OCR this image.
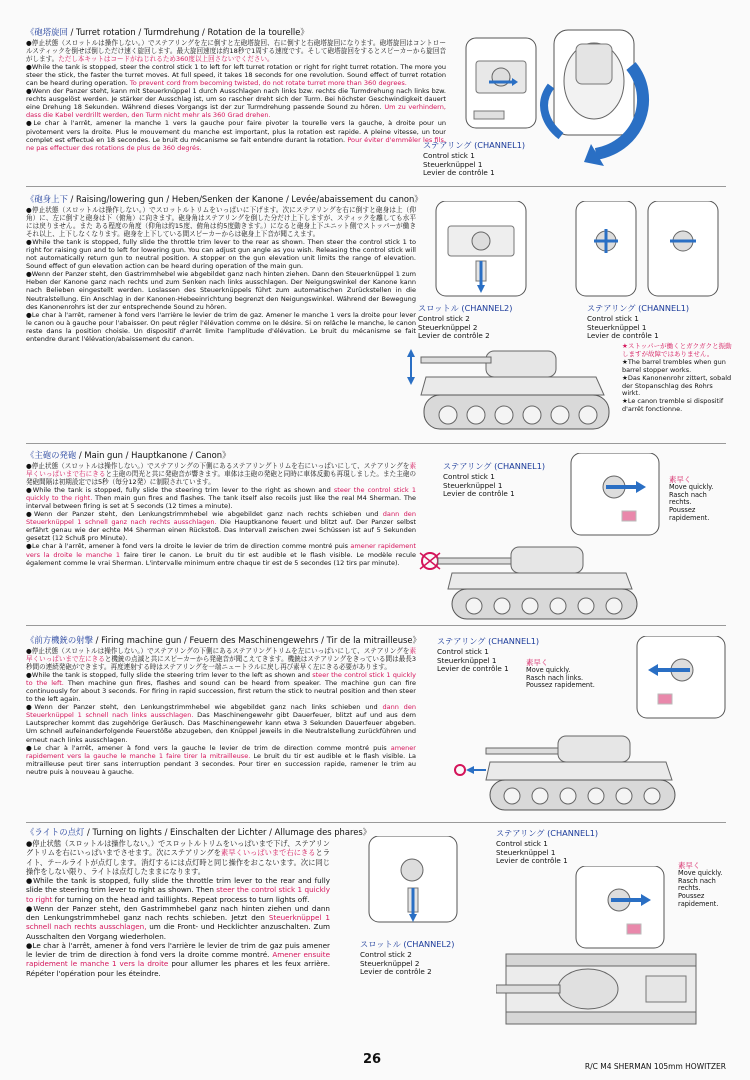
《砲塔旋回 / Turret rotation / Turmdrehung / Rotation de la tourelle》

●停止状態（スロットルは操作しない。）でステアリングを左に倒すと左砲塔旋回、右に倒すと右砲塔旋回になります。砲塔旋回はコントロールスティックを倒せば倒しただけ速く旋回します。最大旋回速度は約18秒で1周する速度です。そして砲塔旋回をするとスピーカーから旋回音がします。ただし本キットはコードがねじれるため360度以上回さないでください。

●While the tank is stopped, steer the control stick 1 to left for left turret rotation or right for right turret rotation. The more you steer the stick, the faster the turret moves. At full speed, it takes 18 seconds for one revolution. Sound effect of turret rotation can be heard during operation. To prevent cord from becoming twisted, do not rotate turret more than 360 degrees.

●Wenn der Panzer steht, kann mit Steuerknüppel 1 durch Ausschlagen nach links bzw. rechts die Turmdrehung nach links bzw. rechts ausgelöst werden. Je stärker der Ausschlag ist, um so rascher dreht sich der Turm. Bei höchster Geschwindigkeit dauert eine Drehung 18 Sekunden. Während dieses Vorgangs ist der zur Turmdrehung passende Sound zu hören. Um zu verhindern, dass die Kabel verdrillt werden, den Turm nicht mehr als 360 Grad drehen.

●Le char à l'arrêt, amener la manche 1 vers la gauche pour faire pivoter la tourelle vers la gauche, à droite pour un pivotement vers la droite. Plus le mouvement du manche est important, plus la rotation est rapide. A pleine vitesse, un tour complet est effectué en 18 secondes. Le bruit du mécanisme se fait entendre durant la rotation. Pour éviter d'emmêler les fils, ne pas effectuer des rotations de plus de 360 degrés.	ステアリング (CHANNEL1)
Control stick 1
Steuerknüppel 1
Levier de contrôle 1
《砲身上下 / Raising/lowering gun / Heben/Senken der Kanone / Levée/abaissement du canon》

●停止状態（スロットルは操作しない。）でスロットルトリムをいっぱいに下げます。次にステアリングを右に倒すと砲身は上（仰角）に、左に倒すと砲身は下（俯角）に向きます。砲身角はステアリングを倒した分だけ上下しますが、スティックを離しても水平には戻りません。また ある程度の角度（仰角は約15度、俯角は約5度動きます。）になると砲身上下ユニット側でストッパーが働きそれ以上、上下しなくなります。砲身を上下している間スピーカーからは砲身上下音が聞こえます。

●While the tank is stopped, fully slide the throttle trim lever to the rear as shown. Then steer the control stick 1 to right for raising gun and to left for lowering gun. You can adjust gun angle as you wish. Releasing the control stick will not automatically return gun to neutral position. A stopper on the gun elevation unit limits the range of elevation. Sound effect of gun elevation action can be heard during operation of the main gun.

●Wenn der Panzer steht, den Gastrimmhebel wie abgebildet ganz nach hinten ziehen. Dann den Steuerknüppel 1 zum Heben der Kanone ganz nach rechts und zum Senken nach links ausschlagen. Der Neigungswinkel der Kanone kann nach Belieben eingestellt werden. Loslassen des Steuerknüppels führt zum automatischen Zurückstellen in die Neutralstellung. Ein Anschlag in der Kanonen-Hebeeinrichtung begrenzt den Neigungswinkel. Während der Bewegung des Kanonenrohrs ist der zur entsprechende Sound zu hören.

●Le char à l'arrêt, ramener à fond vers l'arrière le levier de trim de gaz. Amener le manche 1 vers la droite pour lever le canon ou à gauche pour l'abaisser. On peut régler l'élévation comme on le désire. Si on relâche le manche, le canon reste dans la position choisie. Un dispositif d'arrêt limite l'amplitude d'élévation. Le bruit du mécanisme se fait entendre durant l'élévation/abaissement du canon.

スロットル (CHANNEL2)
Control stick 2
Steuerknüppel 2
Levier de contrôle 2
ステアリング (CHANNEL1)
Control stick 1
Steuerknüppel 1
Levier de contrôle 1
★ストッパーが働くとガクガクと振動しますが故障ではありません。
★The barrel trembles when gun barrel stopper works.
★Das Kanonenrohr zittert, sobald der Stopanschlag des Rohrs wirkt.
★Le canon tremble si dispositif d'arrêt fonctionne.
《主砲の発砲 / Main gun / Hauptkanone / Canon》

●停止状態（スロットルは操作しない。）でステアリングの下側にあるステアリングトリムを右にいっぱいにして、ステアリングを素早くいっぱいまで右にきると主砲の閃光と共に発砲音が響きます。車体は主砲の発砲と同時に車体反動も再現しました。また主砲の発砲間隔は初期設定では5秒（毎分12発）に制限されています。

●While the tank is stopped, fully slide the steering trim lever to the right as shown and steer the control stick 1 quickly to the right. Then main gun fires and flashes. The tank itself also recoils just like the real M4 Sherman. The interval between firing is set at 5 seconds (12 times a minute).

●Wenn der Panzer steht, den Lenkungstrimmhebel wie abgebildet ganz nach rechts schieben und dann den Steuerknüppel 1 schnell ganz nach rechts ausschlagen. Die Hauptkanone feuert und blitzt auf. Der Panzer selbst erfährt genau wie der echte M4 Sherman einen Rückstoß. Das Intervall zwischen zwei Schüssen ist auf 5 Sekunden gesetzt (12 Schuß pro Minute).

●Le char à l'arrêt, amener à fond vers la droite le levier de trim de direction comme montré puis amener rapidement vers la droite le manche 1 faire tirer le canon. Le bruit du tir est audible et le flash visible. Le modèle recule également comme le vrai Sherman. L'intervalle minimum entre chaque tir est de 5 secondes (12 tirs par minute).

ステアリング (CHANNEL1)
Control stick 1
Steuerknüppel 1
Levier de contrôle 1
素早く
Move quickly.
Rasch nach
rechts.
Poussez
rapidement.
《前方機銃の射撃 / Firing machine gun / Feuern des Maschinengewehrs / Tir de la mitrailleuse》

●停止状態（スロットルは操作しない。）でステアリングの下側にあるステアリングトリムを左にいっぱいにして、ステアリングを素早くいっぱいまで左にきると機銃の点滅と共にスピーカーから発砲音が聞こえてきます。機銃はステアリングをきっている間は最長3秒間の連続発砲ができます。再度連射する時はステアリングを一端ニュートラルに戻し再び素早く左にきる必要があります。

●While the tank is stopped, fully slide the steering trim lever to the left as shown and steer the control stick 1 quickly to the left. Then machine gun fires, flashes and sound can be heard from speaker. The machine gun can fire continuously for about 3 seconds. For firing in rapid succession, first return the stick to neutral position and then steer to the left again.

●Wenn der Panzer steht, den Lenkungstrimmhebel wie abgebildet ganz nach links schieben und dann den Steuerknüppel 1 schnell nach links ausschlagen. Das Maschinengewehr gibt Dauerfeuer, blitzt auf und aus dem Lautsprecher kommt das zugehörige Geräusch. Das Maschinengewehr kann etwa 3 Sekunden Dauerfeuer abgeben. Um schnell aufeinanderfolgende Feuerstöße abzugeben, den Knüppel jeweils in die Neutralstellung zurückführen und erneut nach links ausschlagen.

●Le char à l'arrêt, amener à fond vers la gauche le levier de trim de direction comme montré puis amener rapidement vers la gauche le manche 1 faire tirer la mitrailleuse. Le bruit du tir est audible et le flash visible. La mitrailleuse peut tirer sans interruption pendant 3 secondes. Pour tirer en succession rapide, ramener le trim au neutre puis à nouveau à gauche.

ステアリング (CHANNEL1)
Control stick 1
Steuerknüppel 1
Levier de contrôle 1
素早く
Move quickly.
Rasch nach links.
Poussez rapidement.
《ライトの点灯 / Turning on lights / Einschalten der Lichter / Allumage des phares》

●停止状態（スロットルは操作しない。）でスロットルトリムをいっぱいまで下げ、ステアリングトリムを右にいっぱいまでさせます。次にステアリングを素早くいっぱいまで右にきるとライト、テールライトが点灯します。消灯するには点灯時と同じ操作をおこないます。次に同じ操作をしない限り、ライトは点灯したままになります。

●While the tank is stopped, fully slide the throttle trim lever to the rear and fully slide the steering trim lever to right as shown. Then steer the control stick 1 quickly to right for turning on the head and taillights. Repeat process to turn lights off.

●Wenn der Panzer steht, den Gastrimmhebel ganz nach hinten ziehen und dann den Lenkungstrimmhebel ganz nach rechts schieben. Jetzt den Steuerknüppel 1 schnell nach rechts ausschlagen, um die Front- und Hecklichter anzuschalten. Zum Ausschalten den Vorgang wiederholen.

●Le char à l'arrêt, amener à fond vers l'arrière le levier de trim de gaz puis amener le levier de trim de direction à fond vers la droite comme montré. Amener ensuite rapidement le manche 1 vers la droite pour allumer les phares et les feux arrière. Répéter l'opération pour les éteindre.

ステアリング (CHANNEL1)
Control stick 1
Steuerknüppel 1
Levier de contrôle 1
素早く
Move quickly.
Rasch nach
rechts.
Poussez
rapidement.
スロットル (CHANNEL2)
Control stick 2
Steuerknüppel 2
Levier de contrôle 2
26	R/C M4 SHERMAN 105mm HOWITZER
